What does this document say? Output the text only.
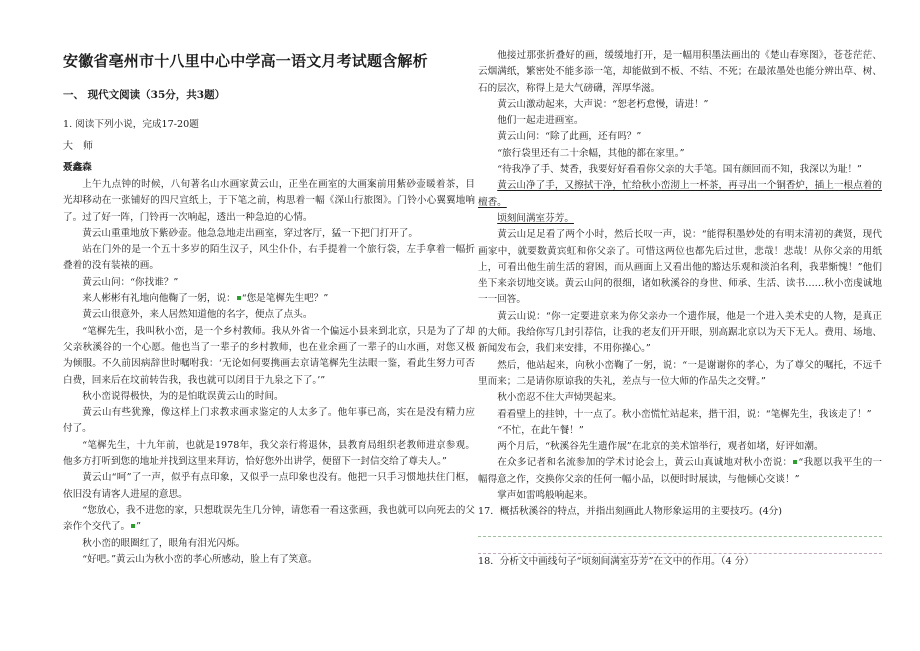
安徽省亳州市十八里中心中学高一语文月考试题含解析
一、 现代文阅读（35分，共3题）
1. 阅读下列小说，完成17-20题
大　师
聂鑫森

上午九点钟的时候，八旬著名山水画家黄云山，正坐在画室的大画案前用紫砂壶暖着茶，目光却移动在一张铺好的四尺宣纸上，于下笔之前，构思着一幅《深山行旅图》。门铃小心翼翼地响了。过了好一阵，门铃再一次响起，透出一种急迫的心情。

黄云山重重地放下紫砂壶。他急急地走出画室，穿过客厅，猛一下把门打开了。

站在门外的是一个五十多岁的陌生汉子，风尘仆仆，右手提着一个旅行袋，左手拿着一幅折叠着的没有装裱的画。

黄云山问：“你找谁？”

来人彬彬有礼地向他鞠了一躬，说： “您是笔樨先生吧？”

黄云山很意外，来人居然知道他的名字，便点了点头。

“笔樨先生，我叫秋小峦，是一个乡村教师。我从外省一个偏远小县来到北京，只是为了了却父亲秋溪谷的一个心愿。他也当了一辈子的乡村教师，也在业余画了一辈子的山水画，对您又极为倾服。不久前因病辞世时嘱咐我：‘无论如何要携画去京请笔樨先生法眼一鉴，看此生努力可否白费，回来后在坟前转告我，我也就可以闭目于九泉之下了。’”

秋小峦说得极快，为的是怕耽误黄云山的时间。

黄云山有些犹豫，像这样上门求教求画求鉴定的人太多了。他年事已高，实在是没有精力应付了。

“笔樨先生，十九年前，也就是1978年，我父亲行将退休，县教育局组织老教师进京参观。他多方打听到您的地址并找到这里来拜访，恰好您外出讲学，便留下一封信交给了尊夫人。”

黄云山“呵”了一声，似乎有点印象，又似乎一点印象也没有。他把一只手习惯地扶住门框，依旧没有请客人进屋的意思。

“您放心，我不进您的家，只想耽误先生几分钟，请您看一看这张画，我也就可以向死去的父亲作个交代了。 ”

秋小峦的眼圈红了，眼角有泪光闪烁。

“好吧。”黄云山为秋小峦的孝心所感动，脸上有了笑意。

他接过那张折叠好的画，缓缓地打开，是一幅用积墨法画出的《楚山春寒图》，苍苍茫茫、云烟满纸，繁密处不能多添一笔，却能做到不板、不结、不死；在最浓墨处也能分辨出草、树、石的层次，称得上是大气磅礴，浑厚华滋。

黄云山激动起来，大声说：“恕老朽怠慢，请进！”

他们一起走进画室。

黄云山问：“除了此画，还有吗？”

“旅行袋里还有二十余幅，其他的都在家里。”

“待我净了手、焚香，我要好好看看你父亲的大手笔。国有颜回而不知，我深以为耻！”

黄云山净了手，又擦拭干净，忙给秋小峦沏上一杯茶，再寻出一个铜香炉，插上一根点着的檀香。

顷刻间满室芬芳。

黄云山足足看了两个小时，然后长叹一声，说：“能得积墨妙处的有明末清初的龚贤，现代画家中，就要数黄宾虹和你父亲了。可惜这两位也都先后过世，悲哉！悲哉！从你父亲的用纸上，可看出他生前生活的窘困，而从画面上又看出他的豁达乐观和淡泊名利，我辈惭愧！”他们坐下来亲切地交谈。黄云山问的很细，诸如秋溪谷的身世、师承、生活、读书……秋小峦虔诚地一一回答。

黄云山说：“你一定要进京来为你父亲办一个遗作展，他是一个进入美术史的人物，是真正的大师。我给你写几封引荐信，让我的老友们开开眼，别高踞北京以为天下无人。费用、场地、新闻发布会，我们来安排，不用你操心。”

然后，他站起来，向秋小峦鞠了一躬，说：“一是谢谢你的孝心，为了尊父的嘱托，不远千里而来；二是请你原谅我的失礼，差点与一位大师的作品失之交臂。”

秋小峦忍不住大声恸哭起来。

看看壁上的挂钟，十一点了。秋小峦慌忙站起来，揩干泪，说：“笔樨先生，我该走了！”

“不忙，在此午餐！”

两个月后，“秋溪谷先生遗作展”在北京的美术馆举行，观者如堵，好评如潮。

在众多记者和名流参加的学术讨论会上，黄云山真诚地对秋小峦说： “我愿以我平生的一幅得意之作，交换你父亲的任何一幅小品，以便时时展读，与他倾心交谈！”

掌声如雷鸣般响起来。

17．概括秋溪谷的特点，并指出刻画此人物形象运用的主要技巧。(4分)

18．分析文中画线句子“顷刻间满室芬芳”在文中的作用。（4 分）
